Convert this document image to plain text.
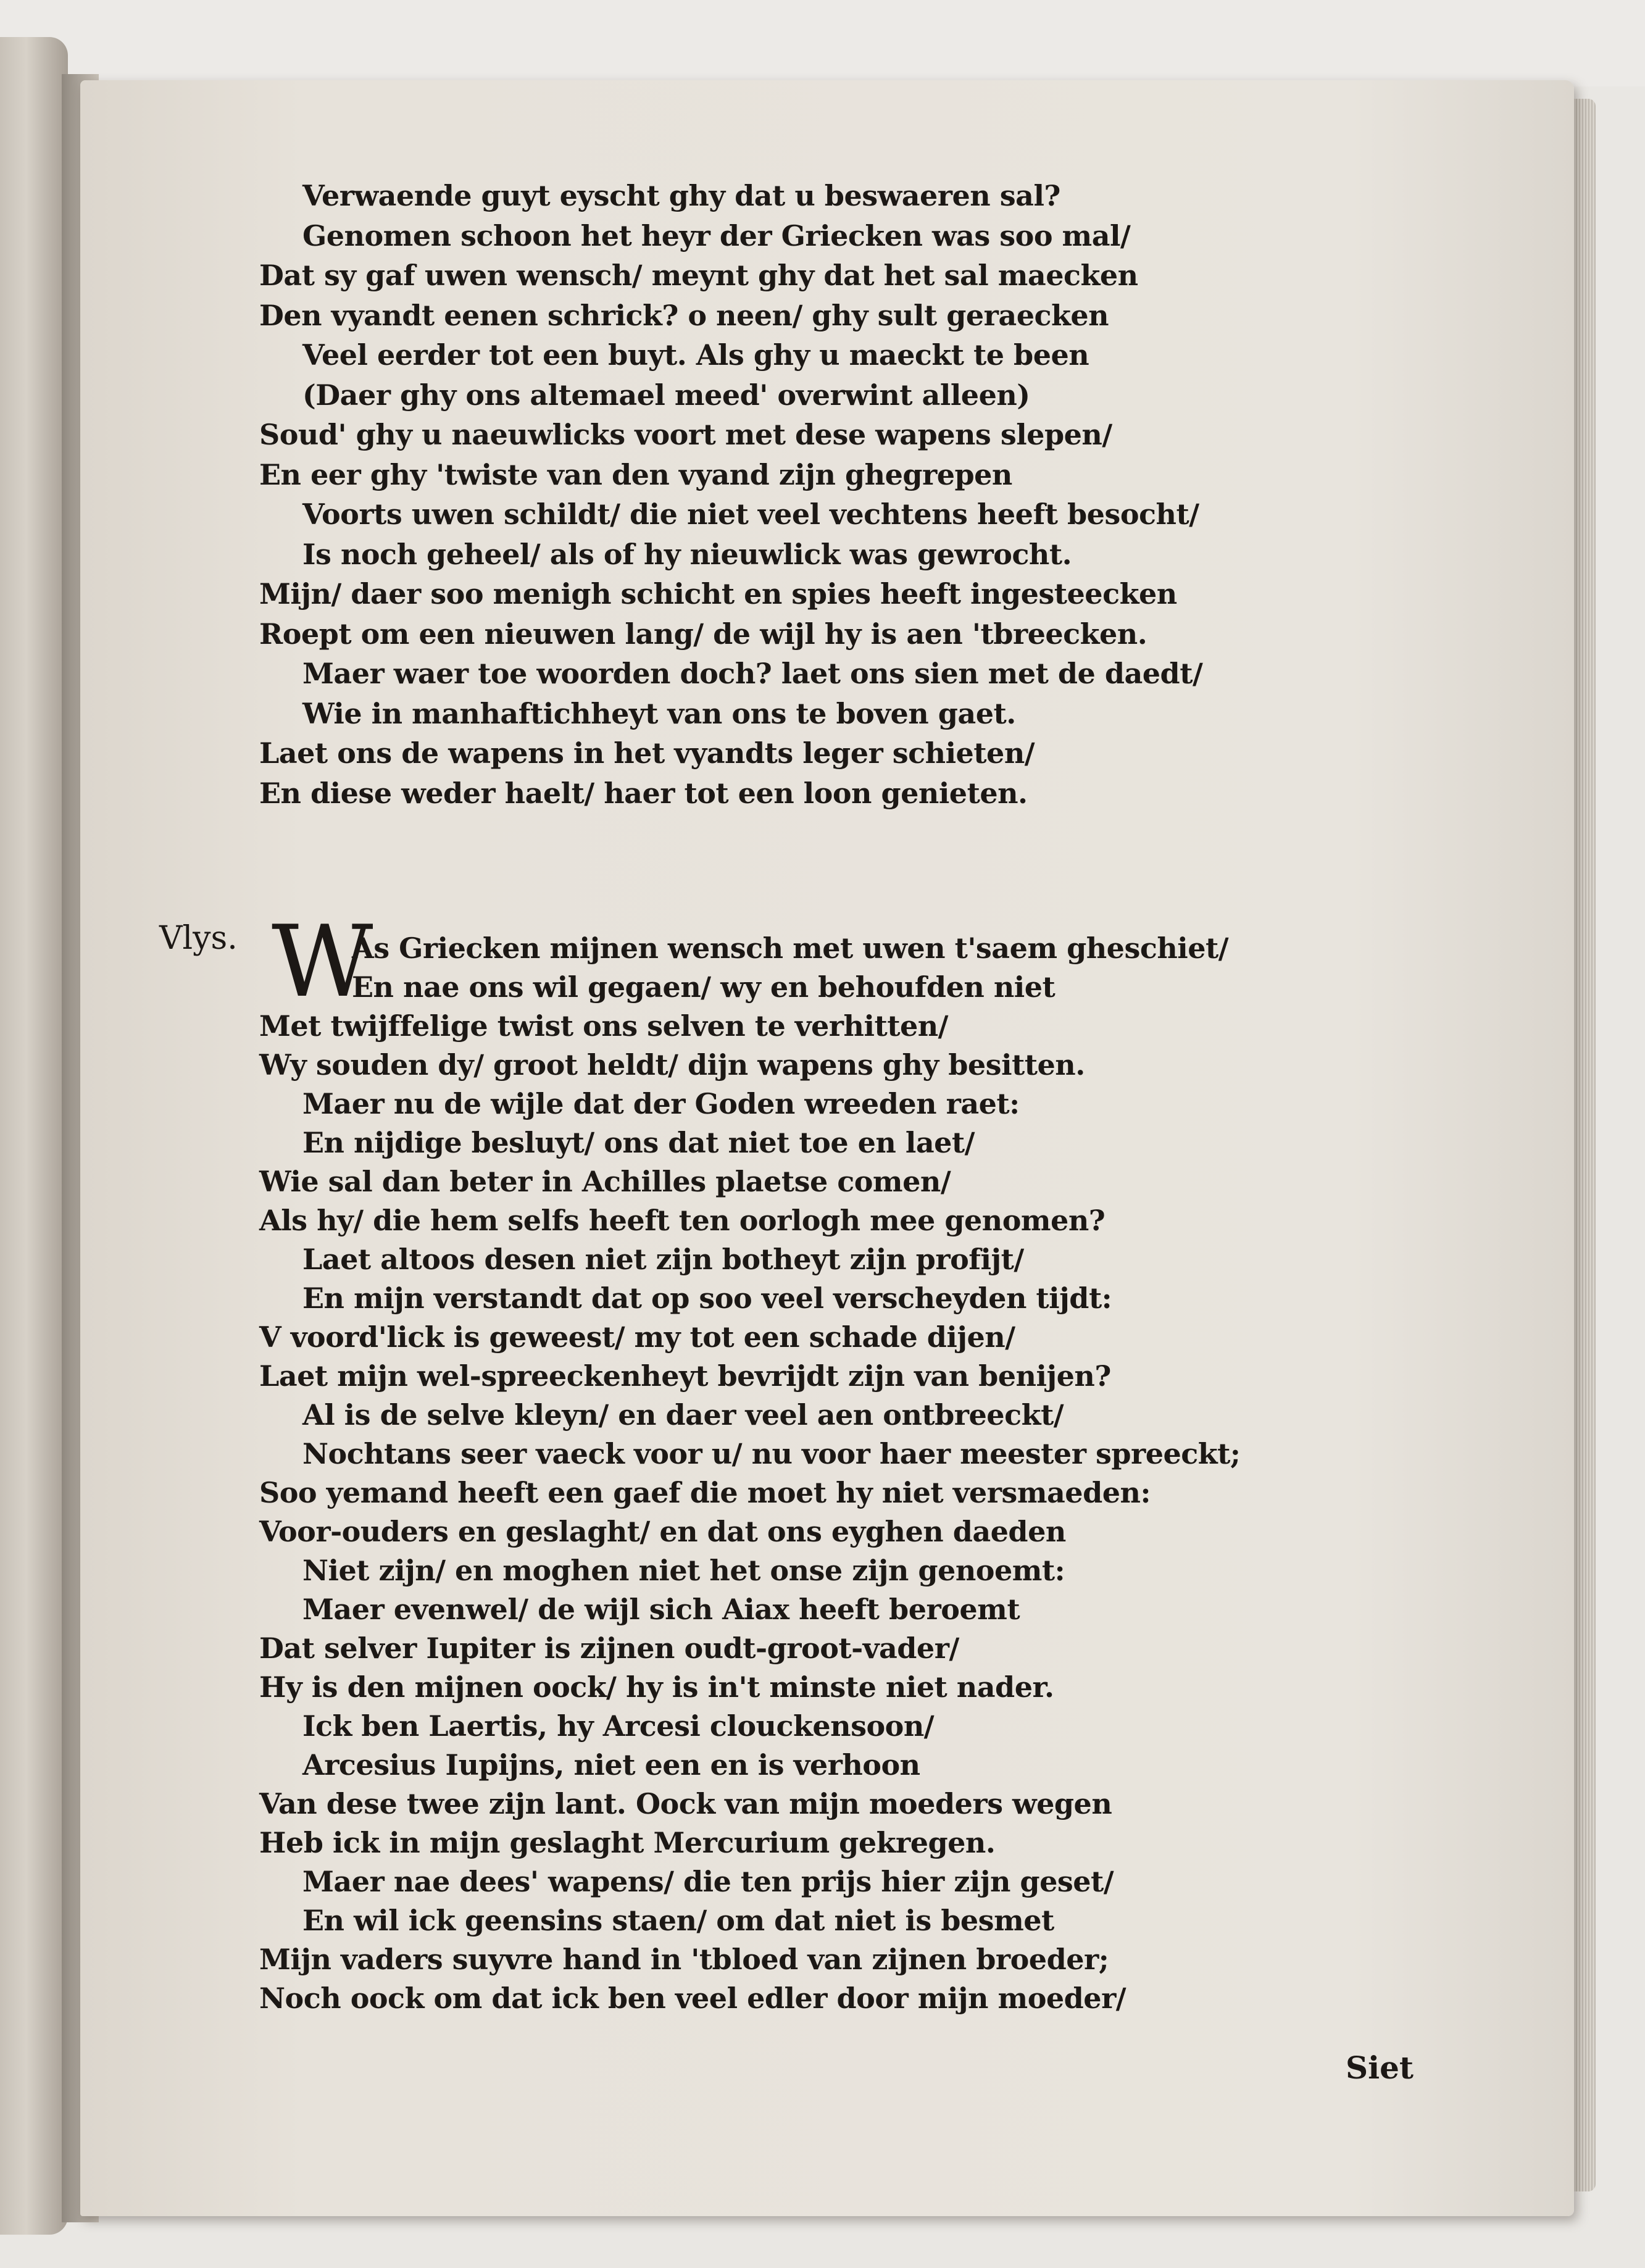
Verwaende guyt eyscht ghy dat u beswaeren sal?
Genomen schoon het heyr der Griecken was soo mal/
Dat sy gaf uwen wensch/ meynt ghy dat het sal maecken
Den vyandt eenen schrick? o neen/ ghy sult geraecken
Veel eerder tot een buyt. Als ghy u maeckt te been
(Daer ghy ons altemael meed' overwint alleen)
Soud' ghy u naeuwlicks voort met dese wapens slepen/
En eer ghy 'twiste van den vyand zijn ghegrepen
Voorts uwen schildt/ die niet veel vechtens heeft besocht/
Is noch geheel/ als of hy nieuwlick was gewrocht.
Mijn/ daer soo menigh schicht en spies heeft ingesteecken
Roept om een nieuwen lang/ de wijl hy is aen 'tbreecken.
Maer waer toe woorden doch? laet ons sien met de daedt/
Wie in manhaftichheyt van ons te boven gaet.
Laet ons de wapens in het vyandts leger schieten/
En diese weder haelt/ haer tot een loon genieten.
Vlys. W
As Griecken mijnen wensch met uwen t'saem gheschiet/
En nae ons wil gegaen/ wy en behoufden niet
Met twijffelige twist ons selven te verhitten/
Wy souden dy/ groot heldt/ dijn wapens ghy besitten.
Maer nu de wijle dat der Goden wreeden raet:
En nijdige besluyt/ ons dat niet toe en laet/
Wie sal dan beter in Achilles plaetse comen/
Als hy/ die hem selfs heeft ten oorlogh mee genomen?
Laet altoos desen niet zijn botheyt zijn profijt/
En mijn verstandt dat op soo veel verscheyden tijdt:
V voord'lick is geweest/ my tot een schade dijen/
Laet mijn wel-spreeckenheyt bevrijdt zijn van benijen?
Al is de selve kleyn/ en daer veel aen ontbreeckt/
Nochtans seer vaeck voor u/ nu voor haer meester spreeckt;
Soo yemand heeft een gaef die moet hy niet versmaeden:
Voor-ouders en geslaght/ en dat ons eyghen daeden
Niet zijn/ en moghen niet het onse zijn genoemt:
Maer evenwel/ de wijl sich Aiax heeft beroemt
Dat selver Iupiter is zijnen oudt-groot-vader/
Hy is den mijnen oock/ hy is in't minste niet nader.
Ick ben Laertis, hy Arcesi clouckensoon/
Arcesius Iupijns, niet een en is verhoon
Van dese twee zijn lant. Oock van mijn moeders wegen
Heb ick in mijn geslaght Mercurium gekregen.
Maer nae dees' wapens/ die ten prijs hier zijn geset/
En wil ick geensins staen/ om dat niet is besmet
Mijn vaders suyvre hand in 'tbloed van zijnen broeder;
Noch oock om dat ick ben veel edler door mijn moeder/
Siet
